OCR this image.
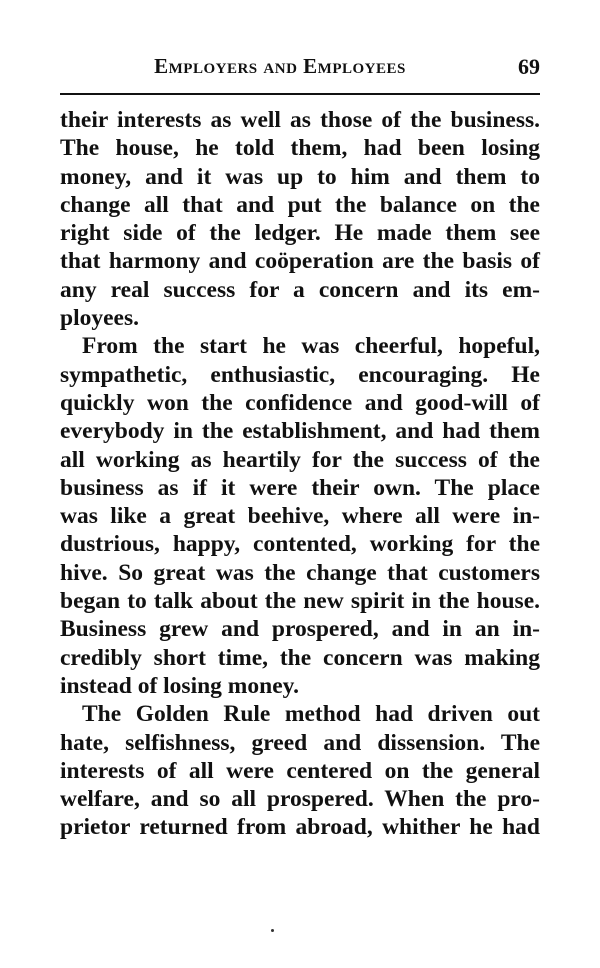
Employers and Employees	69
their interests as well as those of the business.
The house, he told them, had been losing
money, and it was up to him and them to
change all that and put the balance on the
right side of the ledger. He made them see
that harmony and coöperation are the basis of
any real success for a concern and its em-
ployees.
From the start he was cheerful, hopeful,
sympathetic, enthusiastic, encouraging. He
quickly won the confidence and good-will of
everybody in the establishment, and had them
all working as heartily for the success of the
business as if it were their own. The place
was like a great beehive, where all were in-
dustrious, happy, contented, working for the
hive. So great was the change that customers
began to talk about the new spirit in the house.
Business grew and prospered, and in an in-
credibly short time, the concern was making
instead of losing money.
The Golden Rule method had driven out
hate, selfishness, greed and dissension. The
interests of all were centered on the general
welfare, and so all prospered. When the pro-
prietor returned from abroad, whither he had
